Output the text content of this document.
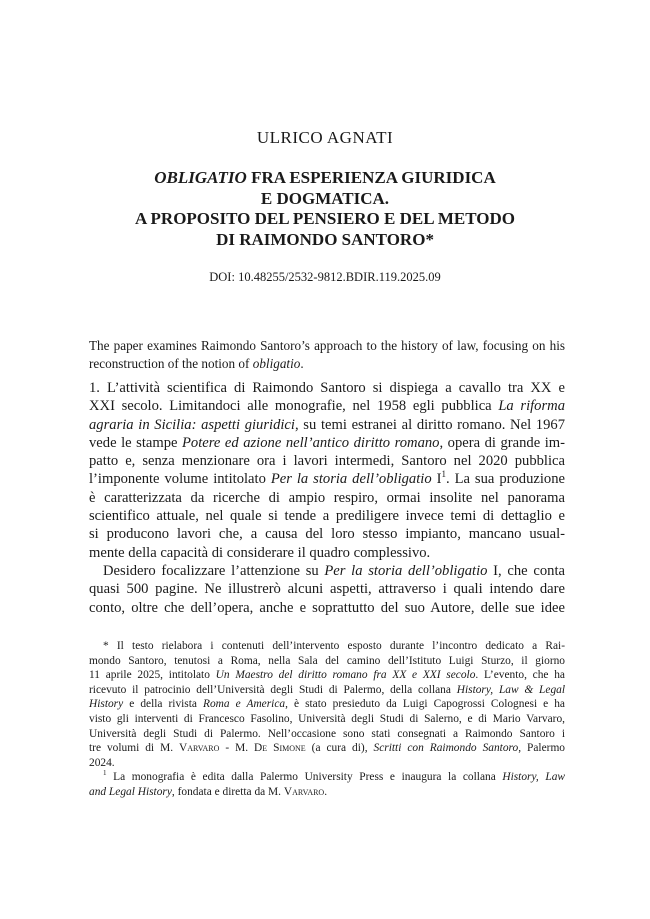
ULRICO AGNATI
OBLIGATIO FRA ESPERIENZA GIURIDICA
E DOGMATICA.
A PROPOSITO DEL PENSIERO E DEL METODO
DI RAIMONDO SANTORO*
DOI: 10.48255/2532-9812.BDIR.119.2025.09
The paper examines Raimondo Santoro’s approach to the history of law, focusing on his reconstruction of the notion of obligatio.
1. L’attività scientifica di Raimondo Santoro si dispiega a cavallo tra XX e
XXI secolo. Limitandoci alle monografie, nel 1958 egli pubblica La riforma
agraria in Sicilia: aspetti giuridici, su temi estranei al diritto romano. Nel 1967
vede le stampe Potere ed azione nell’antico diritto romano, opera di grande im-
patto e, senza menzionare ora i lavori intermedi, Santoro nel 2020 pubblica
l’imponente volume intitolato Per la storia dell’obligatio $I^1$. La sua produzione
è caratterizzata da ricerche di ampio respiro, ormai insolite nel panorama
scientifico attuale, nel quale si tende a prediligere invece temi di dettaglio e
si producono lavori che, a causa del loro stesso impianto, mancano usual-
mente della capacità di considerare il quadro complessivo.
Desidero focalizzare l’attenzione su Per la storia dell’obligatio I, che conta
quasi 500 pagine. Ne illustrerò alcuni aspetti, attraverso i quali intendo dare
conto, oltre che dell’opera, anche e soprattutto del suo Autore, delle sue idee
* Il testo rielabora i contenuti dell’intervento esposto durante l’incontro dedicato a Rai-
mondo Santoro, tenutosi a Roma, nella Sala del camino dell’Istituto Luigi Sturzo, il giorno
11 aprile 2025, intitolato Un Maestro del diritto romano fra XX e XXI secolo. L’evento, che ha
ricevuto il patrocinio dell’Università degli Studi di Palermo, della collana History, Law & Legal
History e della rivista Roma e America, è stato presieduto da Luigi Capogrossi Colognesi e ha
visto gli interventi di Francesco Fasolino, Università degli Studi di Salerno, e di Mario Varvaro,
Università degli Studi di Palermo. Nell’occasione sono stati consegnati a Raimondo Santoro i
tre volumi di M. Varvaro - M. De Simone (a cura di), Scritti con Raimondo Santoro, Palermo
2024.
$^1$ La monografia è edita dalla Palermo University Press e inaugura la collana History, Law
and Legal History, fondata e diretta da M. Varvaro.
